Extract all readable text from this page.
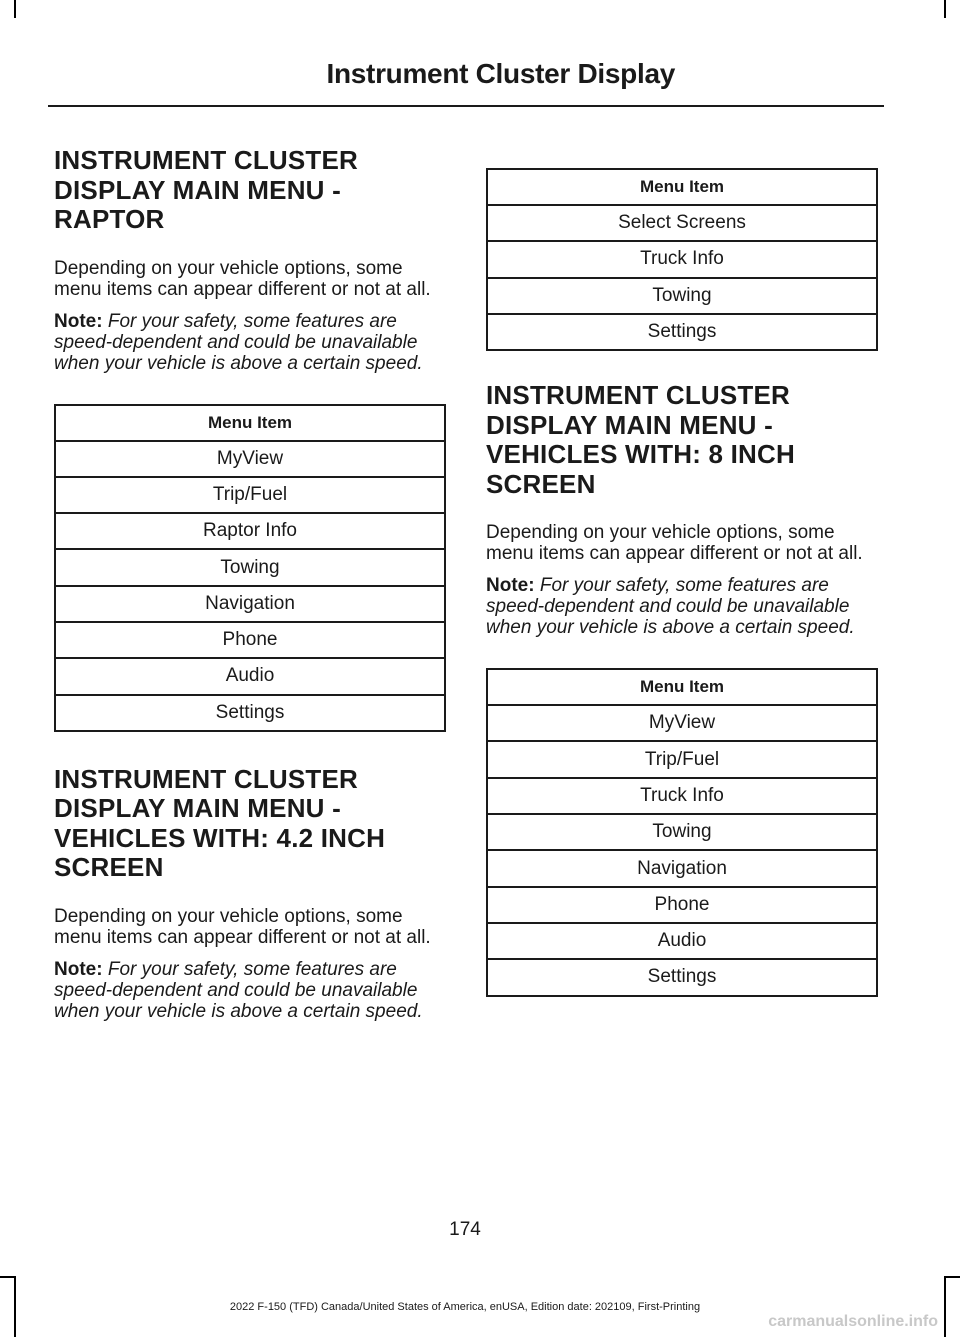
Instrument Cluster Display
INSTRUMENT CLUSTER DISPLAY MAIN MENU - RAPTOR

Depending on your vehicle options, some menu items can appear different or not at all.

Note: For your safety, some features are speed-dependent and could be unavailable when your vehicle is above a certain speed.

Menu Item
MyView
Trip/Fuel
Raptor Info
Towing
Navigation
Phone
Audio
Settings
INSTRUMENT CLUSTER DISPLAY MAIN MENU - VEHICLES WITH: 4.2 INCH SCREEN

Depending on your vehicle options, some menu items can appear different or not at all.

Note: For your safety, some features are speed-dependent and could be unavailable when your vehicle is above a certain speed.

Menu Item
Select Screens
Truck Info
Towing
Settings
INSTRUMENT CLUSTER DISPLAY MAIN MENU - VEHICLES WITH: 8 INCH SCREEN

Depending on your vehicle options, some menu items can appear different or not at all.

Note: For your safety, some features are speed-dependent and could be unavailable when your vehicle is above a certain speed.

Menu Item
MyView
Trip/Fuel
Truck Info
Towing
Navigation
Phone
Audio
Settings
174
2022 F-150 (TFD) Canada/United States of America, enUSA, Edition date: 202109, First-Printing
carmanualsonline.info
